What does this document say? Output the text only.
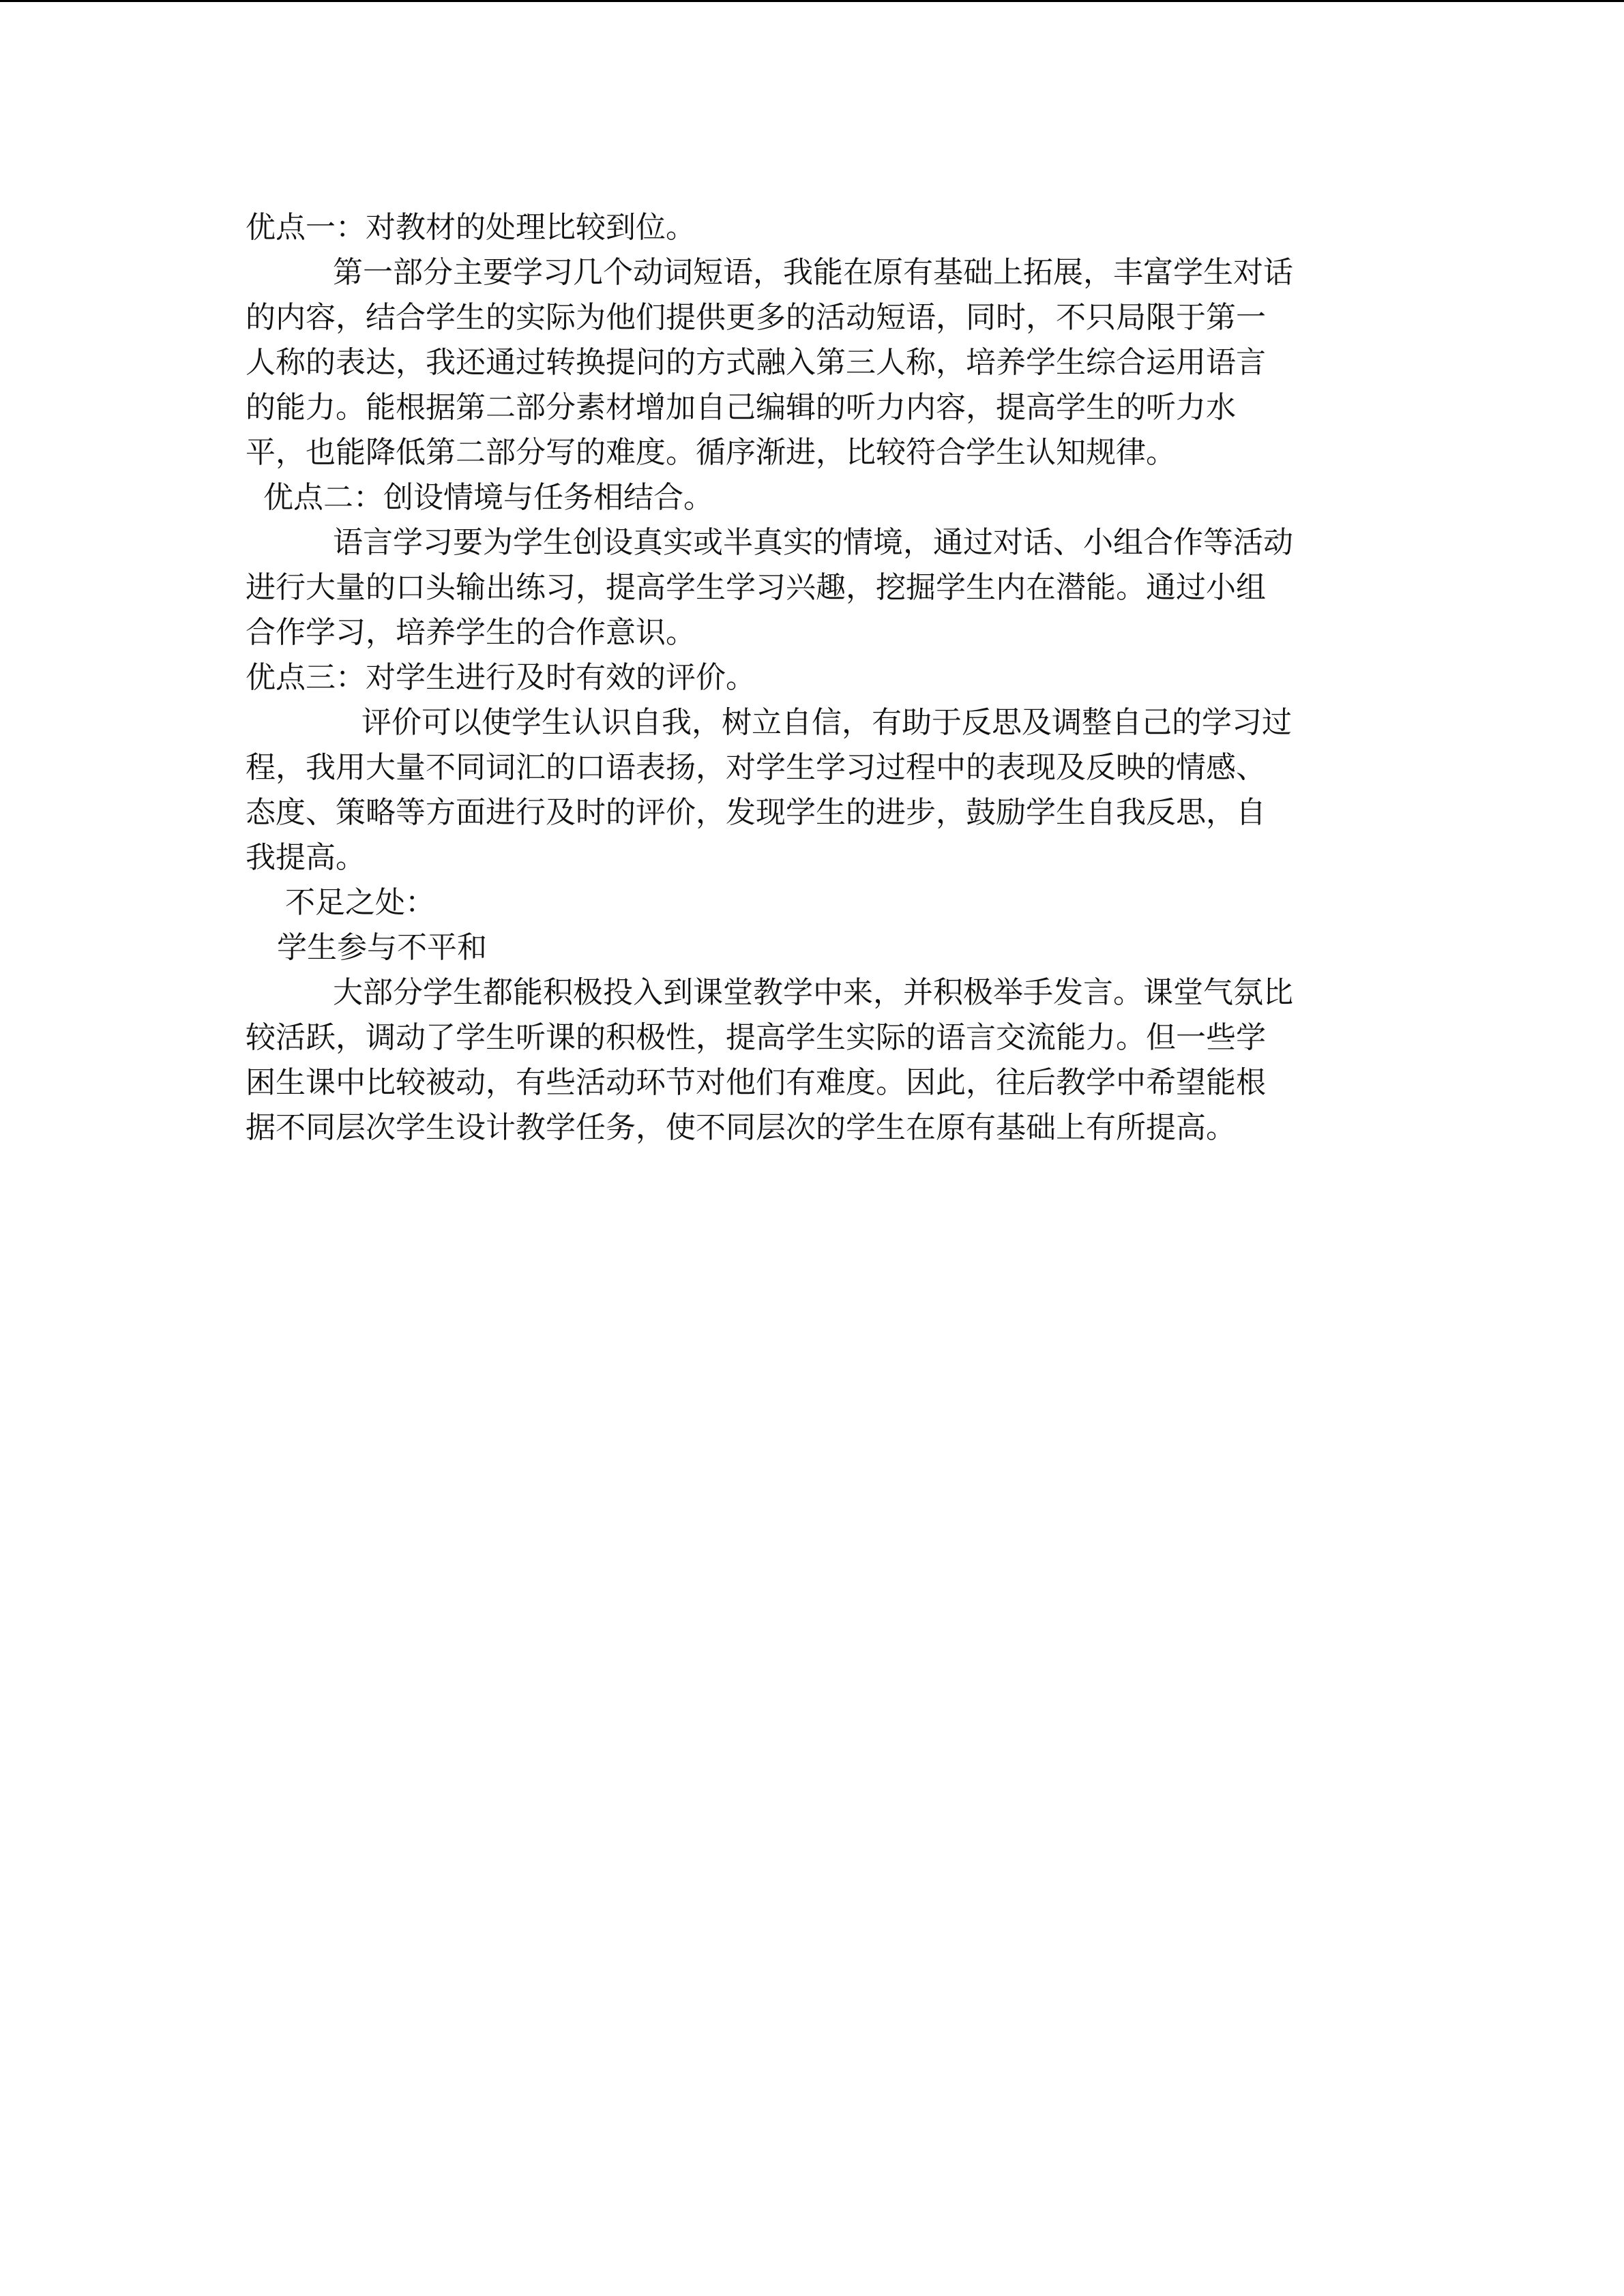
优点一：对教材的处理比较到位。
第一部分主要学习几个动词短语，我能在原有基础上拓展，丰富学生对话
的内容，结合学生的实际为他们提供更多的活动短语，同时，不只局限于第一
人称的表达，我还通过转换提问的方式融入第三人称，培养学生综合运用语言
的能力。能根据第二部分素材增加自己编辑的听力内容，提高学生的听力水
平，也能降低第二部分写的难度。循序渐进，比较符合学生认知规律。
优点二：创设情境与任务相结合。
语言学习要为学生创设真实或半真实的情境，通过对话、小组合作等活动
进行大量的口头输出练习，提高学生学习兴趣，挖掘学生内在潜能。通过小组
合作学习，培养学生的合作意识。
优点三：对学生进行及时有效的评价。
评价可以使学生认识自我，树立自信，有助于反思及调整自己的学习过
程，我用大量不同词汇的口语表扬，对学生学习过程中的表现及反映的情感、
态度、策略等方面进行及时的评价，发现学生的进步，鼓励学生自我反思，自
我提高。
不足之处：
学生参与不平和
大部分学生都能积极投入到课堂教学中来，并积极举手发言。课堂气氛比
较活跃，调动了学生听课的积极性，提高学生实际的语言交流能力。但一些学
困生课中比较被动，有些活动环节对他们有难度。因此，往后教学中希望能根
据不同层次学生设计教学任务，使不同层次的学生在原有基础上有所提高。
